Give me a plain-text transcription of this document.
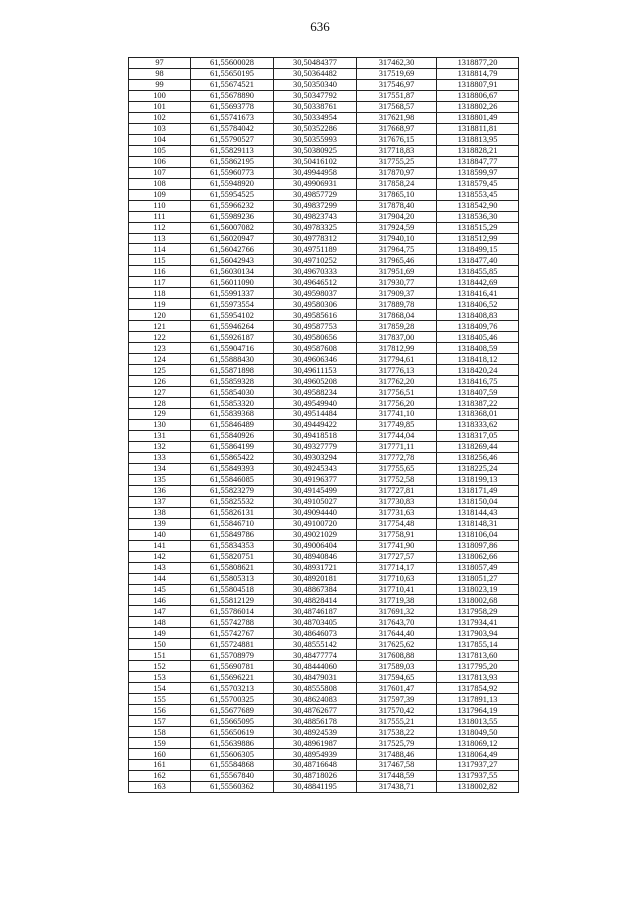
636
97	61,55600028	30,50484377	317462,30	1318877,20
98	61,55650195	30,50364482	317519,69	1318814,79
99	61,55674521	30,50350340	317546,97	1318807,91
100	61,55678890	30,50347792	317551,87	1318806,67
101	61,55693778	30,50338761	317568,57	1318802,26
102	61,55741673	30,50334954	317621,98	1318801,49
103	61,55784042	30,50352286	317668,97	1318811,81
104	61,55790527	30,50355993	317676,15	1318813,95
105	61,55829113	30,50380925	317718,83	1318828,21
106	61,55862195	30,50416102	317755,25	1318847,77
107	61,55960773	30,49944958	317870,97	1318599,97
108	61,55948920	30,49906931	317858,24	1318579,45
109	61,55954525	30,49857729	317865,10	1318553,45
110	61,55966232	30,49837299	317878,40	1318542,90
111	61,55989236	30,49823743	317904,20	1318536,30
112	61,56007082	30,49783325	317924,59	1318515,29
113	61,56020947	30,49778312	317940,10	1318512,99
114	61,56042766	30,49751189	317964,75	1318499,15
115	61,56042943	30,49710252	317965,46	1318477,40
116	61,56030134	30,49670333	317951,69	1318455,85
117	61,56011090	30,49646512	317930,77	1318442,69
118	61,55991337	30,49598037	317909,37	1318416,41
119	61,55973554	30,49580306	317889,78	1318406,52
120	61,55954102	30,49585616	317868,04	1318408,83
121	61,55946264	30,49587753	317859,28	1318409,76
122	61,55926187	30,49580656	317837,00	1318405,46
123	61,55904716	30,49587608	317812,99	1318408,59
124	61,55888430	30,49606346	317794,61	1318418,12
125	61,55871898	30,49611153	317776,13	1318420,24
126	61,55859328	30,49605208	317762,20	1318416,75
127	61,55854030	30,49588234	317756,51	1318407,59
128	61,55853320	30,49549940	317756,20	1318387,22
129	61,55839368	30,49514484	317741,10	1318368,01
130	61,55846489	30,49449422	317749,85	1318333,62
131	61,55840926	30,49418518	317744,04	1318317,05
132	61,55864199	30,49327779	317771,11	1318269,44
133	61,55865422	30,49303294	317772,78	1318256,46
134	61,55849393	30,49245343	317755,65	1318225,24
135	61,55846085	30,49196377	317752,58	1318199,13
136	61,55823279	30,49145499	317727,81	1318171,49
137	61,55825532	30,49105027	317730,83	1318150,04
138	61,55826131	30,49094440	317731,63	1318144,43
139	61,55846710	30,49100720	317754,48	1318148,31
140	61,55849786	30,49021029	317758,91	1318106,04
141	61,55834353	30,49006404	317741,90	1318097,86
142	61,55820751	30,48940846	317727,57	1318062,66
143	61,55808621	30,48931721	317714,17	1318057,49
144	61,55805313	30,48920181	317710,63	1318051,27
145	61,55804518	30,48867384	317710,41	1318023,19
146	61,55812129	30,48828414	317719,38	1318002,68
147	61,55786014	30,48746187	317691,32	1317958,29
148	61,55742788	30,48703405	317643,70	1317934,41
149	61,55742767	30,48646073	317644,40	1317903,94
150	61,55724881	30,48555142	317625,62	1317855,14
151	61,55708979	30,48477774	317608,88	1317813,60
152	61,55690781	30,48444060	317589,03	1317795,20
153	61,55696221	30,48479031	317594,65	1317813,93
154	61,55703213	30,48555808	317601,47	1317854,92
155	61,55700325	30,48624083	317597,39	1317891,13
156	61,55677689	30,48762677	317570,42	1317964,19
157	61,55665095	30,48856178	317555,21	1318013,55
158	61,55650619	30,48924539	317538,22	1318049,50
159	61,55639886	30,48961987	317525,79	1318069,12
160	61,55606305	30,48954939	317488,46	1318064,49
161	61,55584868	30,48716648	317467,58	1317937,27
162	61,55567840	30,48718026	317448,59	1317937,55
163	61,55560362	30,48841195	317438,71	1318002,82
